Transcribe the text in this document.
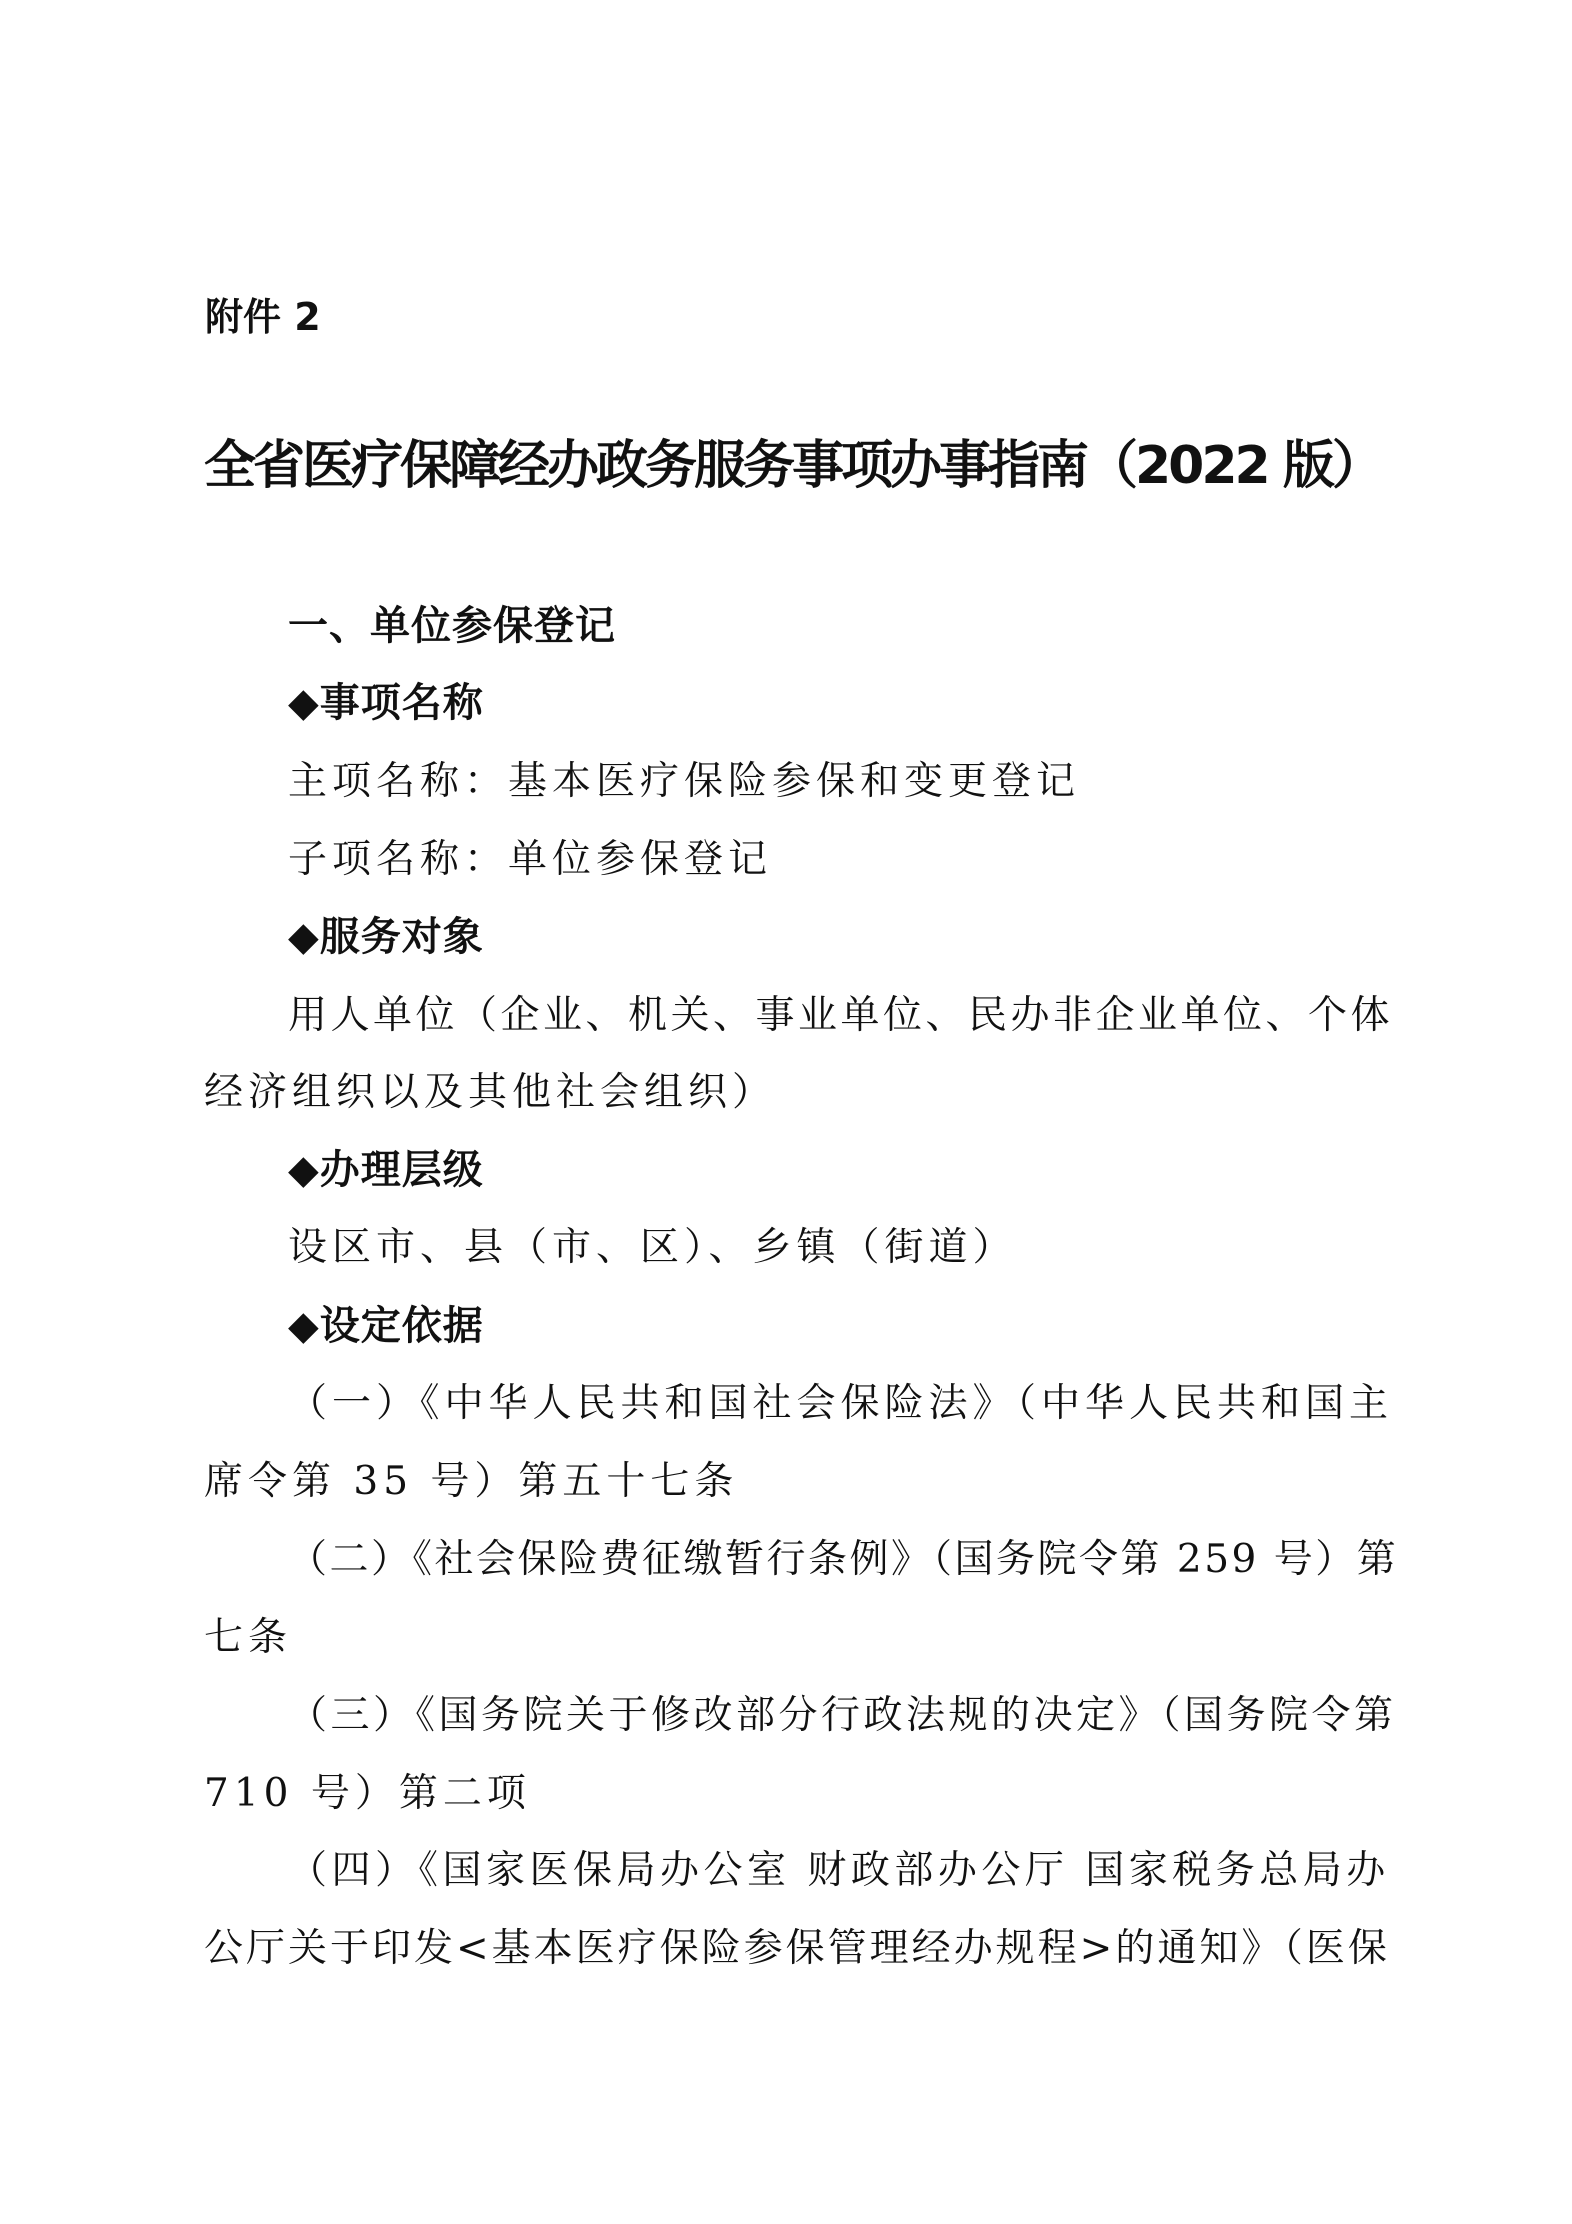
附件 2
全省医疗保障经办政务服务事项办事指南（2022 版）
一、单位参保登记
◆事项名称
主项名称：基本医疗保险参保和变更登记
子项名称：单位参保登记
◆服务对象
用人单位（企业、机关、事业单位、民办非企业单位、个体
经济组织以及其他社会组织）
◆办理层级
设区市、县（市、区）、乡镇（街道）
◆设定依据
（一）《中华人民共和国社会保险法》（中华人民共和国主
席令第 35 号）第五十七条
（二）《社会保险费征缴暂行条例》（国务院令第 259 号）第
七条
（三）《国务院关于修改部分行政法规的决定》（国务院令第
710 号）第二项
（四）《国家医保局办公室 财政部办公厅 国家税务总局办
公厅关于印发<基本医疗保险参保管理经办规程>的通知》（医保
